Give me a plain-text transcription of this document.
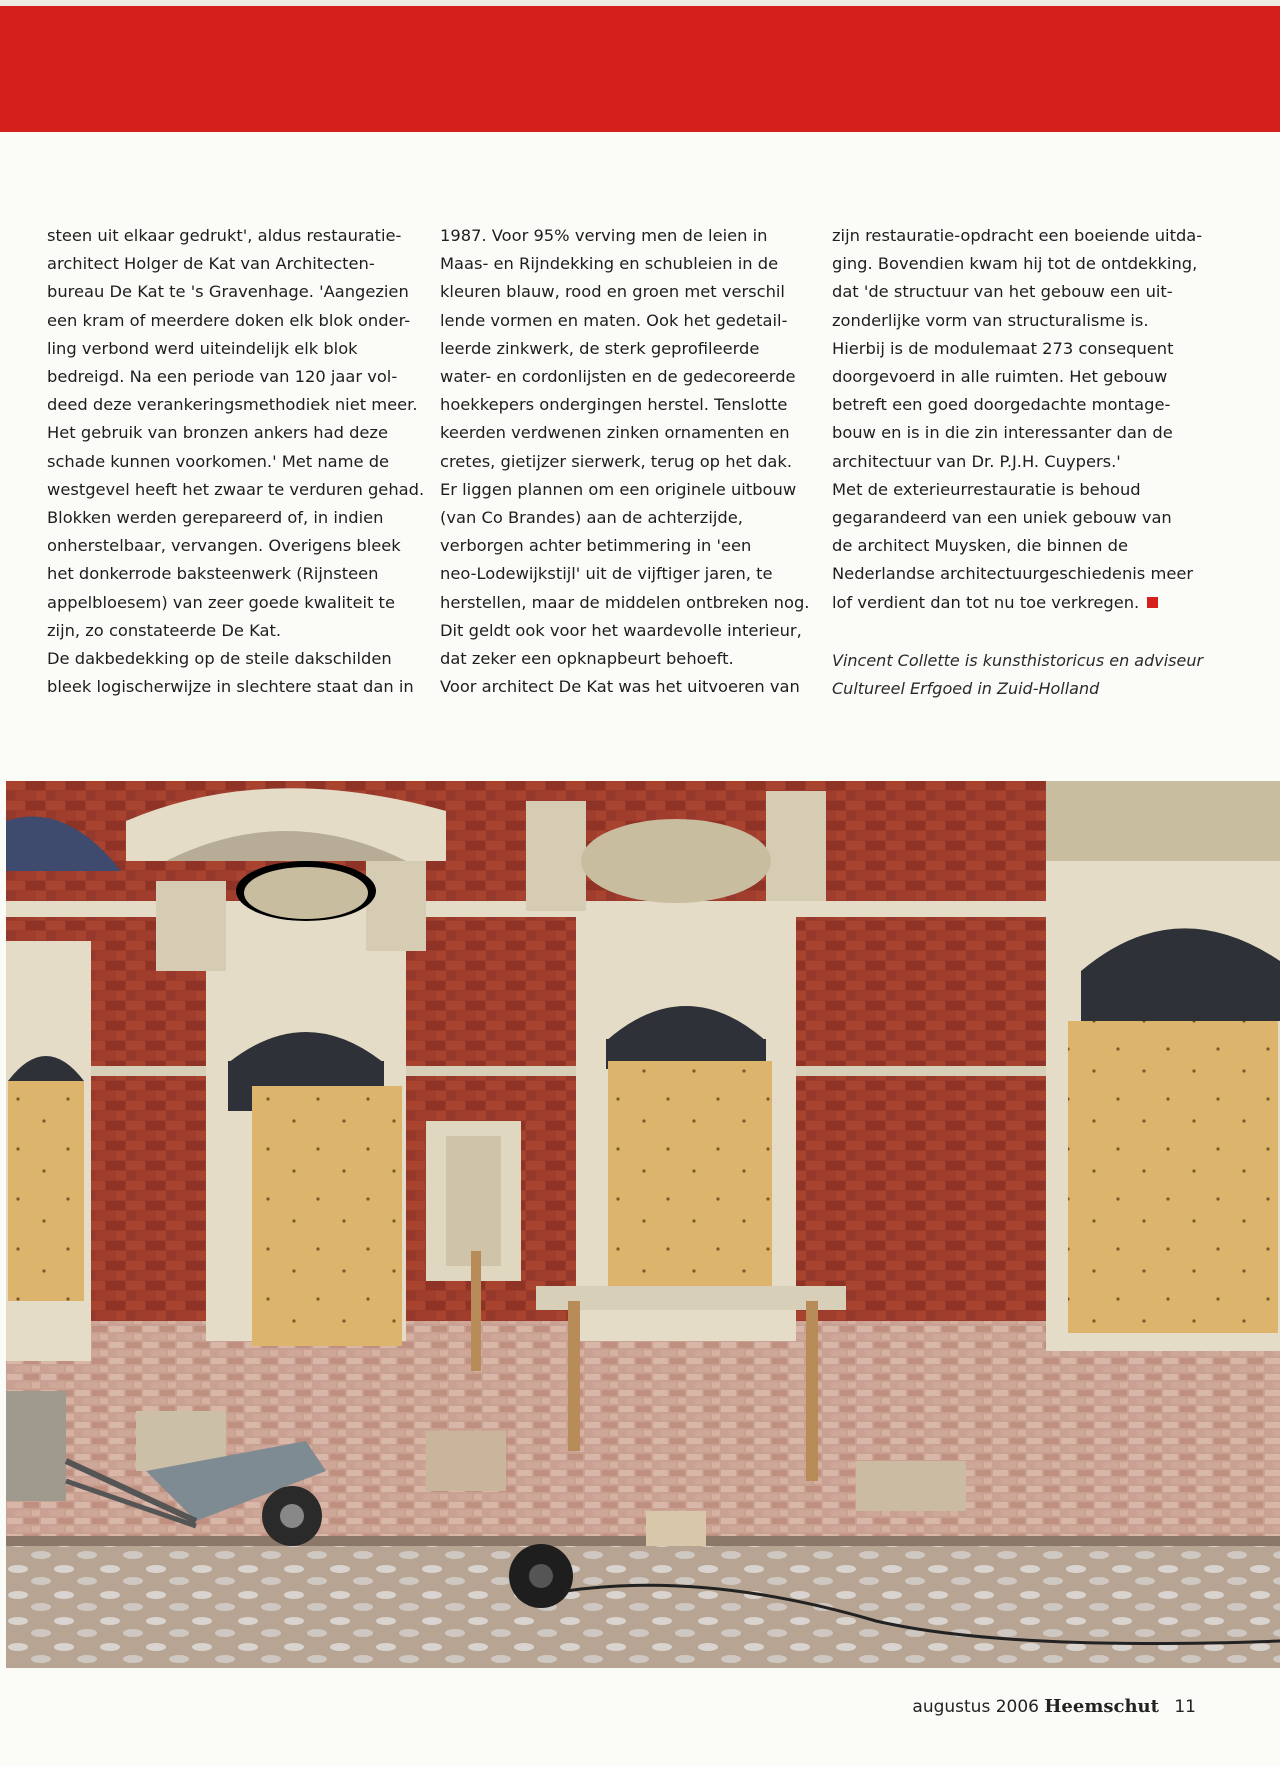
steen uit elkaar gedrukt', aldus restauratie-
architect Holger de Kat van Architecten-
bureau De Kat te 's Gravenhage. 'Aangezien
een kram of meerdere doken elk blok onder-
ling verbond werd uiteindelijk elk blok
bedreigd. Na een periode van 120 jaar vol-
deed deze verankeringsmethodiek niet meer.
Het gebruik van bronzen ankers had deze
schade kunnen voorkomen.' Met name de
westgevel heeft het zwaar te verduren gehad.
Blokken werden gerepareerd of, in indien
onherstelbaar, vervangen. Overigens bleek
het donkerrode baksteenwerk (Rijnsteen
appelbloesem) van zeer goede kwaliteit te
zijn, zo constateerde De Kat.
De dakbedekking op de steile dakschilden
bleek logischerwijze in slechtere staat dan in

1987. Voor 95% verving men de leien in
Maas- en Rijndekking en schubleien in de
kleuren blauw, rood en groen met verschil
lende vormen en maten. Ook het gedetail-
leerde zinkwerk, de sterk geprofileerde
water- en cordonlijsten en de gedecoreerde
hoekkepers ondergingen herstel. Tenslotte
keerden verdwenen zinken ornamenten en
cretes, gietijzer sierwerk, terug op het dak.
Er liggen plannen om een originele uitbouw
(van Co Brandes) aan de achterzijde,
verborgen achter betimmering in 'een
neo-Lodewijkstijl' uit de vijftiger jaren, te
herstellen, maar de middelen ontbreken nog.
Dit geldt ook voor het waardevolle interieur,
dat zeker een opknapbeurt behoeft.
Voor architect De Kat was het uitvoeren van

zijn restauratie-opdracht een boeiende uitda-
ging. Bovendien kwam hij tot de ontdekking,
dat 'de structuur van het gebouw een uit-
zonderlijke vorm van structuralisme is.
Hierbij is de modulemaat 273 consequent
doorgevoerd in alle ruimten. Het gebouw
betreft een goed doorgedachte montage-
bouw en is in die zin interessanter dan de
architectuur van Dr. P.J.H. Cuypers.'
Met de exterieurrestauratie is behoud
gegarandeerd van een uniek gebouw van
de architect Muysken, die binnen de
Nederlandse architectuurgeschiedenis meer
lof verdient dan tot nu toe verkregen.

Vincent Collette is kunsthistoricus en adviseur
Cultureel Erfgoed in Zuid-Holland
augustus 2006 Heemschut 11
